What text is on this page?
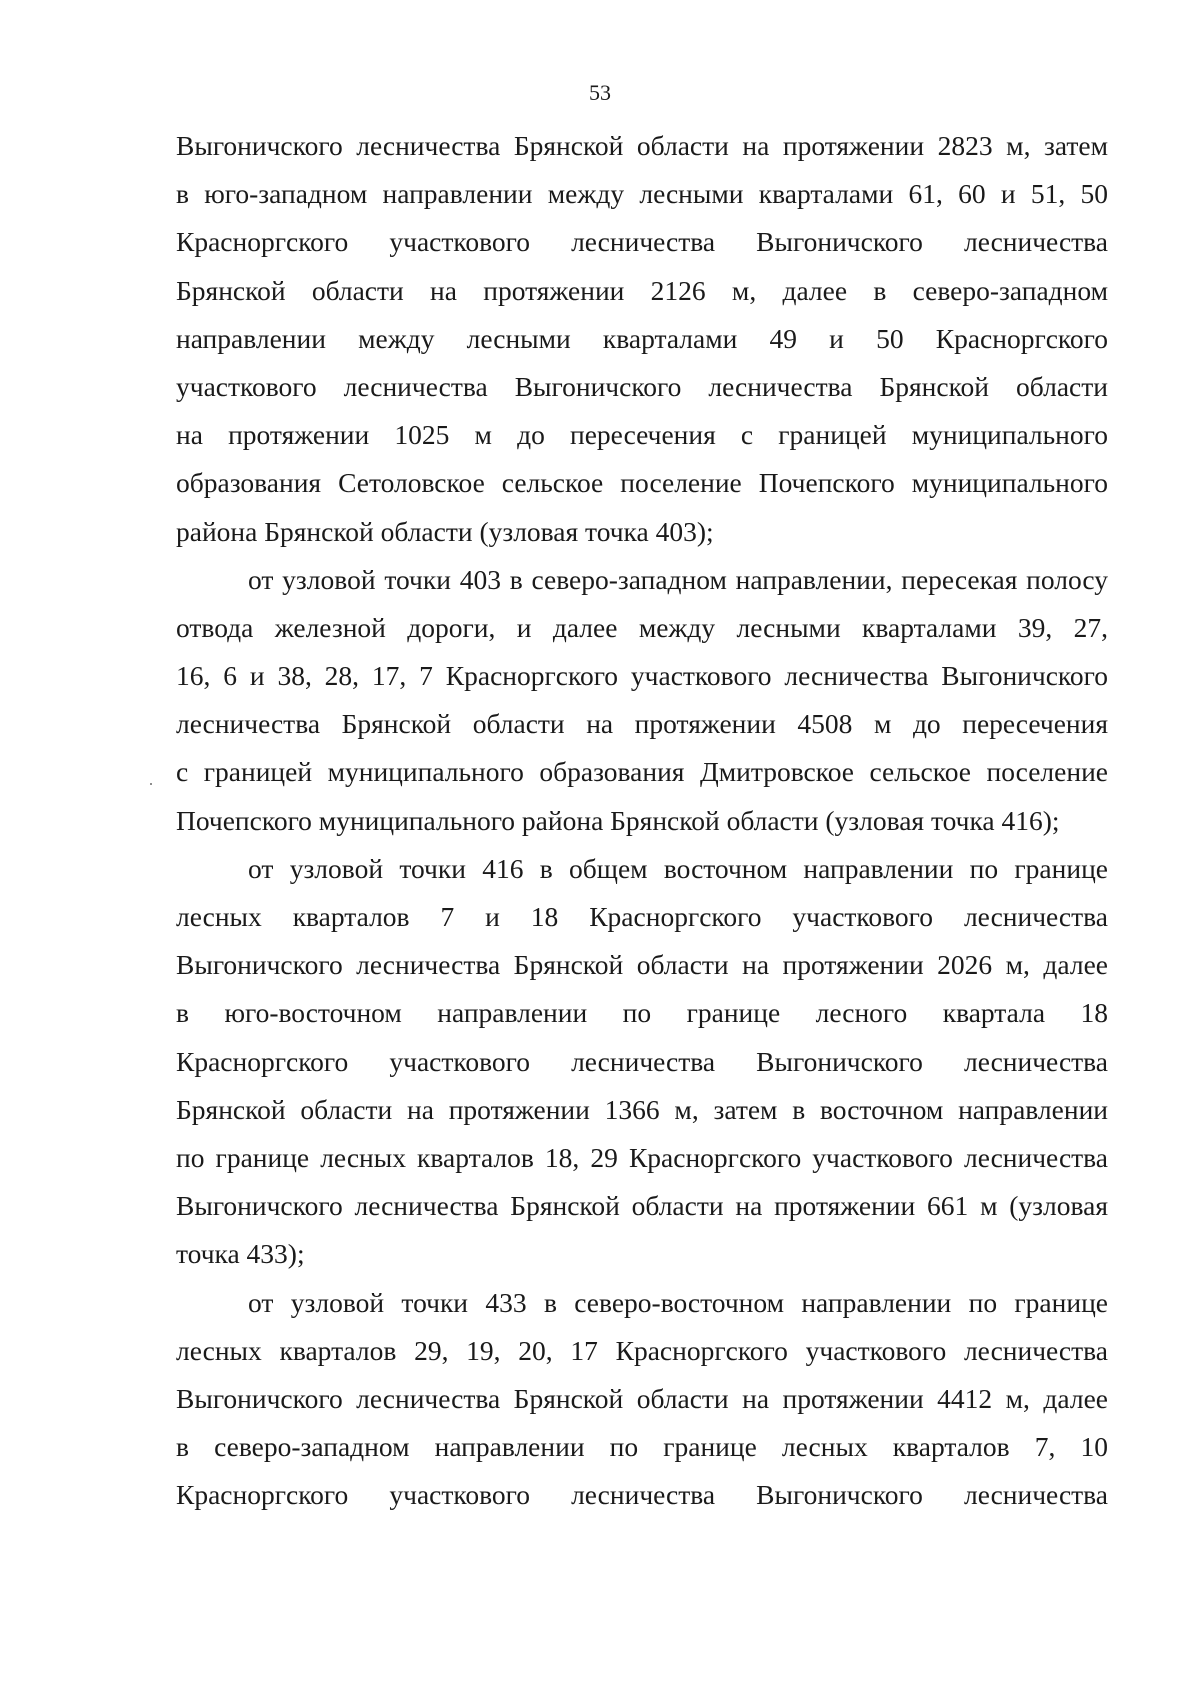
53
Выгоничского лесничества Брянской области на протяжении 2823 м, затем
в юго-западном направлении между лесными кварталами 61, 60 и 51, 50
Красноргского участкового лесничества Выгоничского лесничества
Брянской области на протяжении 2126 м, далее в северо-западном
направлении между лесными кварталами 49 и 50 Красноргского
участкового лесничества Выгоничского лесничества Брянской области
на протяжении 1025 м до пересечения с границей муниципального
образования Сетоловское сельское поселение Почепского муниципального
района Брянской области (узловая точка 403);
от узловой точки 403 в северо-западном направлении, пересекая полосу
отвода железной дороги, и далее между лесными кварталами 39, 27,
16, 6 и 38, 28, 17, 7 Красноргского участкового лесничества Выгоничского
лесничества Брянской области на протяжении 4508 м до пересечения
с границей муниципального образования Дмитровское сельское поселение
Почепского муниципального района Брянской области (узловая точка 416);
от узловой точки 416 в общем восточном направлении по границе
лесных кварталов 7 и 18 Красноргского участкового лесничества
Выгоничского лесничества Брянской области на протяжении 2026 м, далее
в юго-восточном направлении по границе лесного квартала 18
Красноргского участкового лесничества Выгоничского лесничества
Брянской области на протяжении 1366 м, затем в восточном направлении
по границе лесных кварталов 18, 29 Красноргского участкового лесничества
Выгоничского лесничества Брянской области на протяжении 661 м (узловая
точка 433);
от узловой точки 433 в северо-восточном направлении по границе
лесных кварталов 29, 19, 20, 17 Красноргского участкового лесничества
Выгоничского лесничества Брянской области на протяжении 4412 м, далее
в северо-западном направлении по границе лесных кварталов 7, 10
Красноргского участкового лесничества Выгоничского лесничества
